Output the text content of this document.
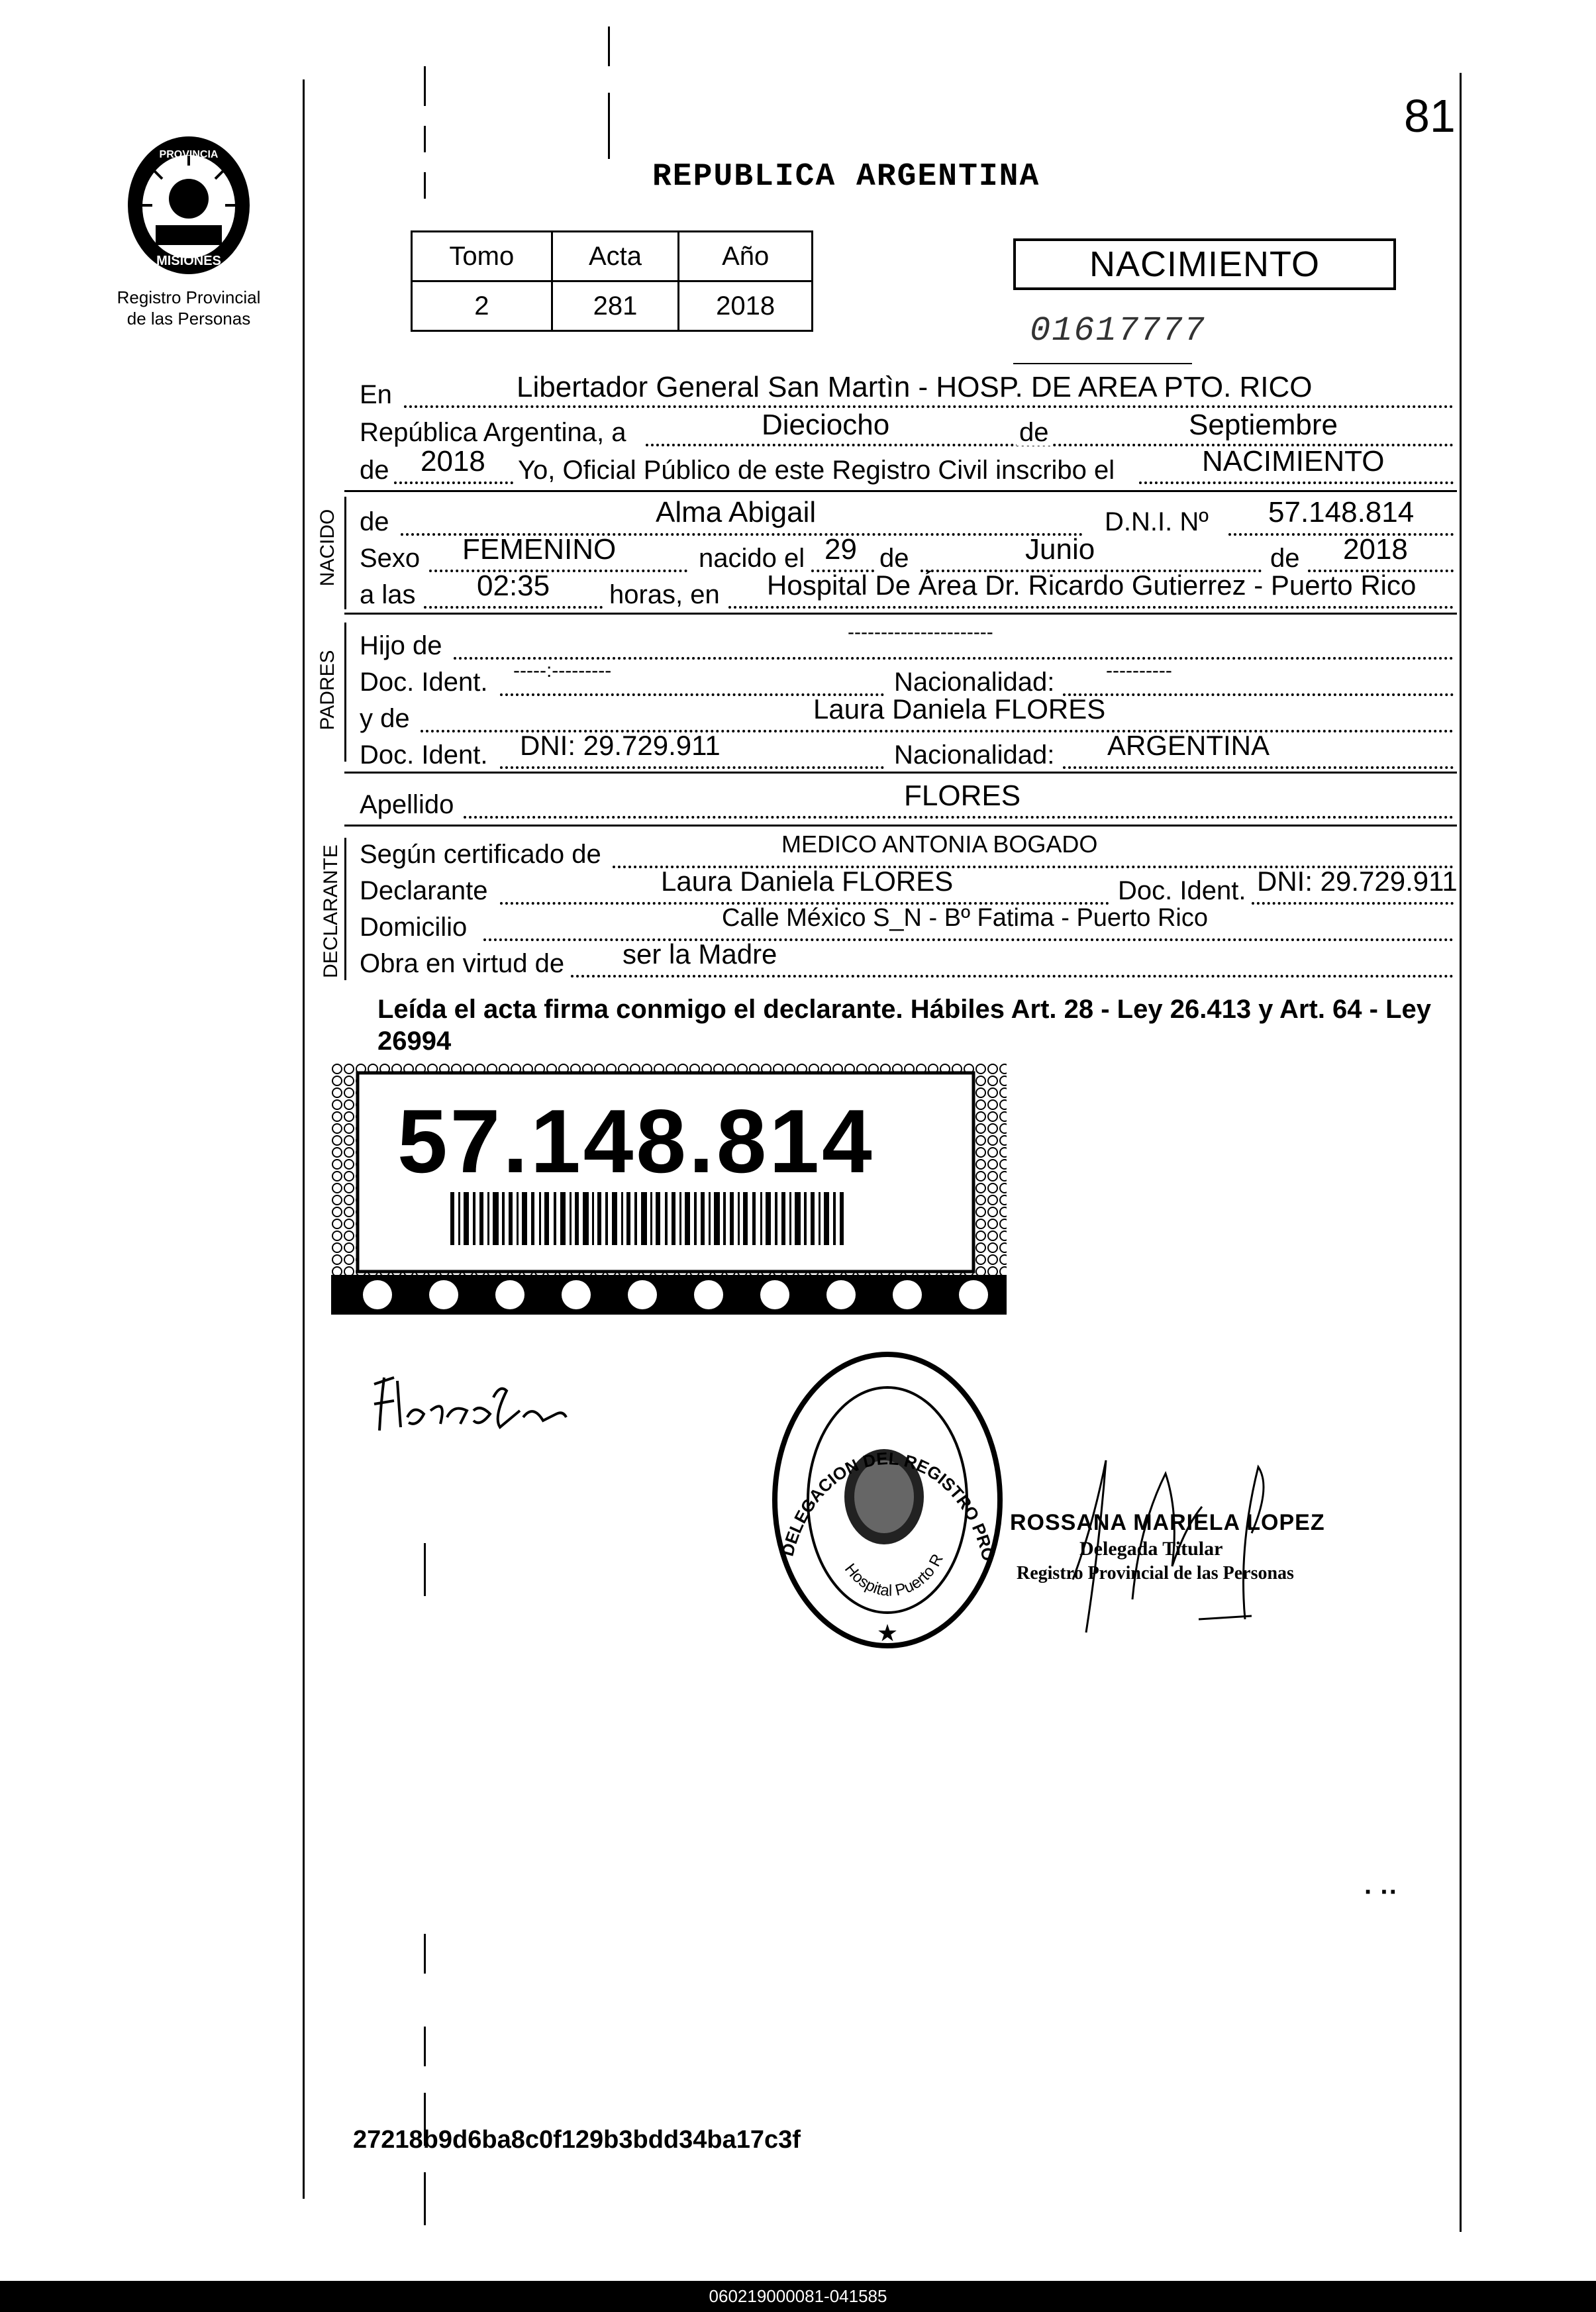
81
PROVINCIA
MISIONES
Registro Provincial
de las Personas
REPUBLICA ARGENTINA
Tomo	Acta	Año
2	281	2018
NACIMIENTO
01617777
En	Libertador General San Martìn - HOSP. DE AREA PTO. RICO
República Argentina, a	Dieciocho	de	Septiembre
de 2018 Yo, Oficial Público de este Registro Civil inscribo el	NACIMIENTO
NACIDO de	Alma Abigail	D.N.I. Nº 57.148.814
Sexo FEMENINO	nacido el 29 de	Junio	de 2018
a las 02:35 horas, en Hospital De Área Dr. Ricardo Gutierrez - Puerto Rico
PADRES
Hijo de	----------------------
Doc. Ident. -----:---------	Nacionalidad:	----------
y de	Laura Daniela FLORES
Doc. Ident. DNI: 29.729.911	Nacionalidad: ARGENTINA
Apellido	FLORES
DECLARANTE Según certificado de	MEDICO ANTONIA BOGADO
Declarante	Laura Daniela FLORES	Doc. Ident. DNI: 29.729.911
Domicilio	Calle México S_N - Bº Fatima - Puerto Rico
Obra en virtud de ser la Madre
Leída el acta firma conmigo el declarante. Hábiles Art. 28 - Ley 26.413 y Art. 64 - Ley 26994
57.148.814
★
DELEGACION DEL REGISTRO PRO
Hospital Puerto R
ROSSANA MARIELA LOPEZ
Delegada Titular
Registro Provincial de las Personas
· ··
27218b9d6ba8c0f129b3bdd34ba17c3f
060219000081-041585
